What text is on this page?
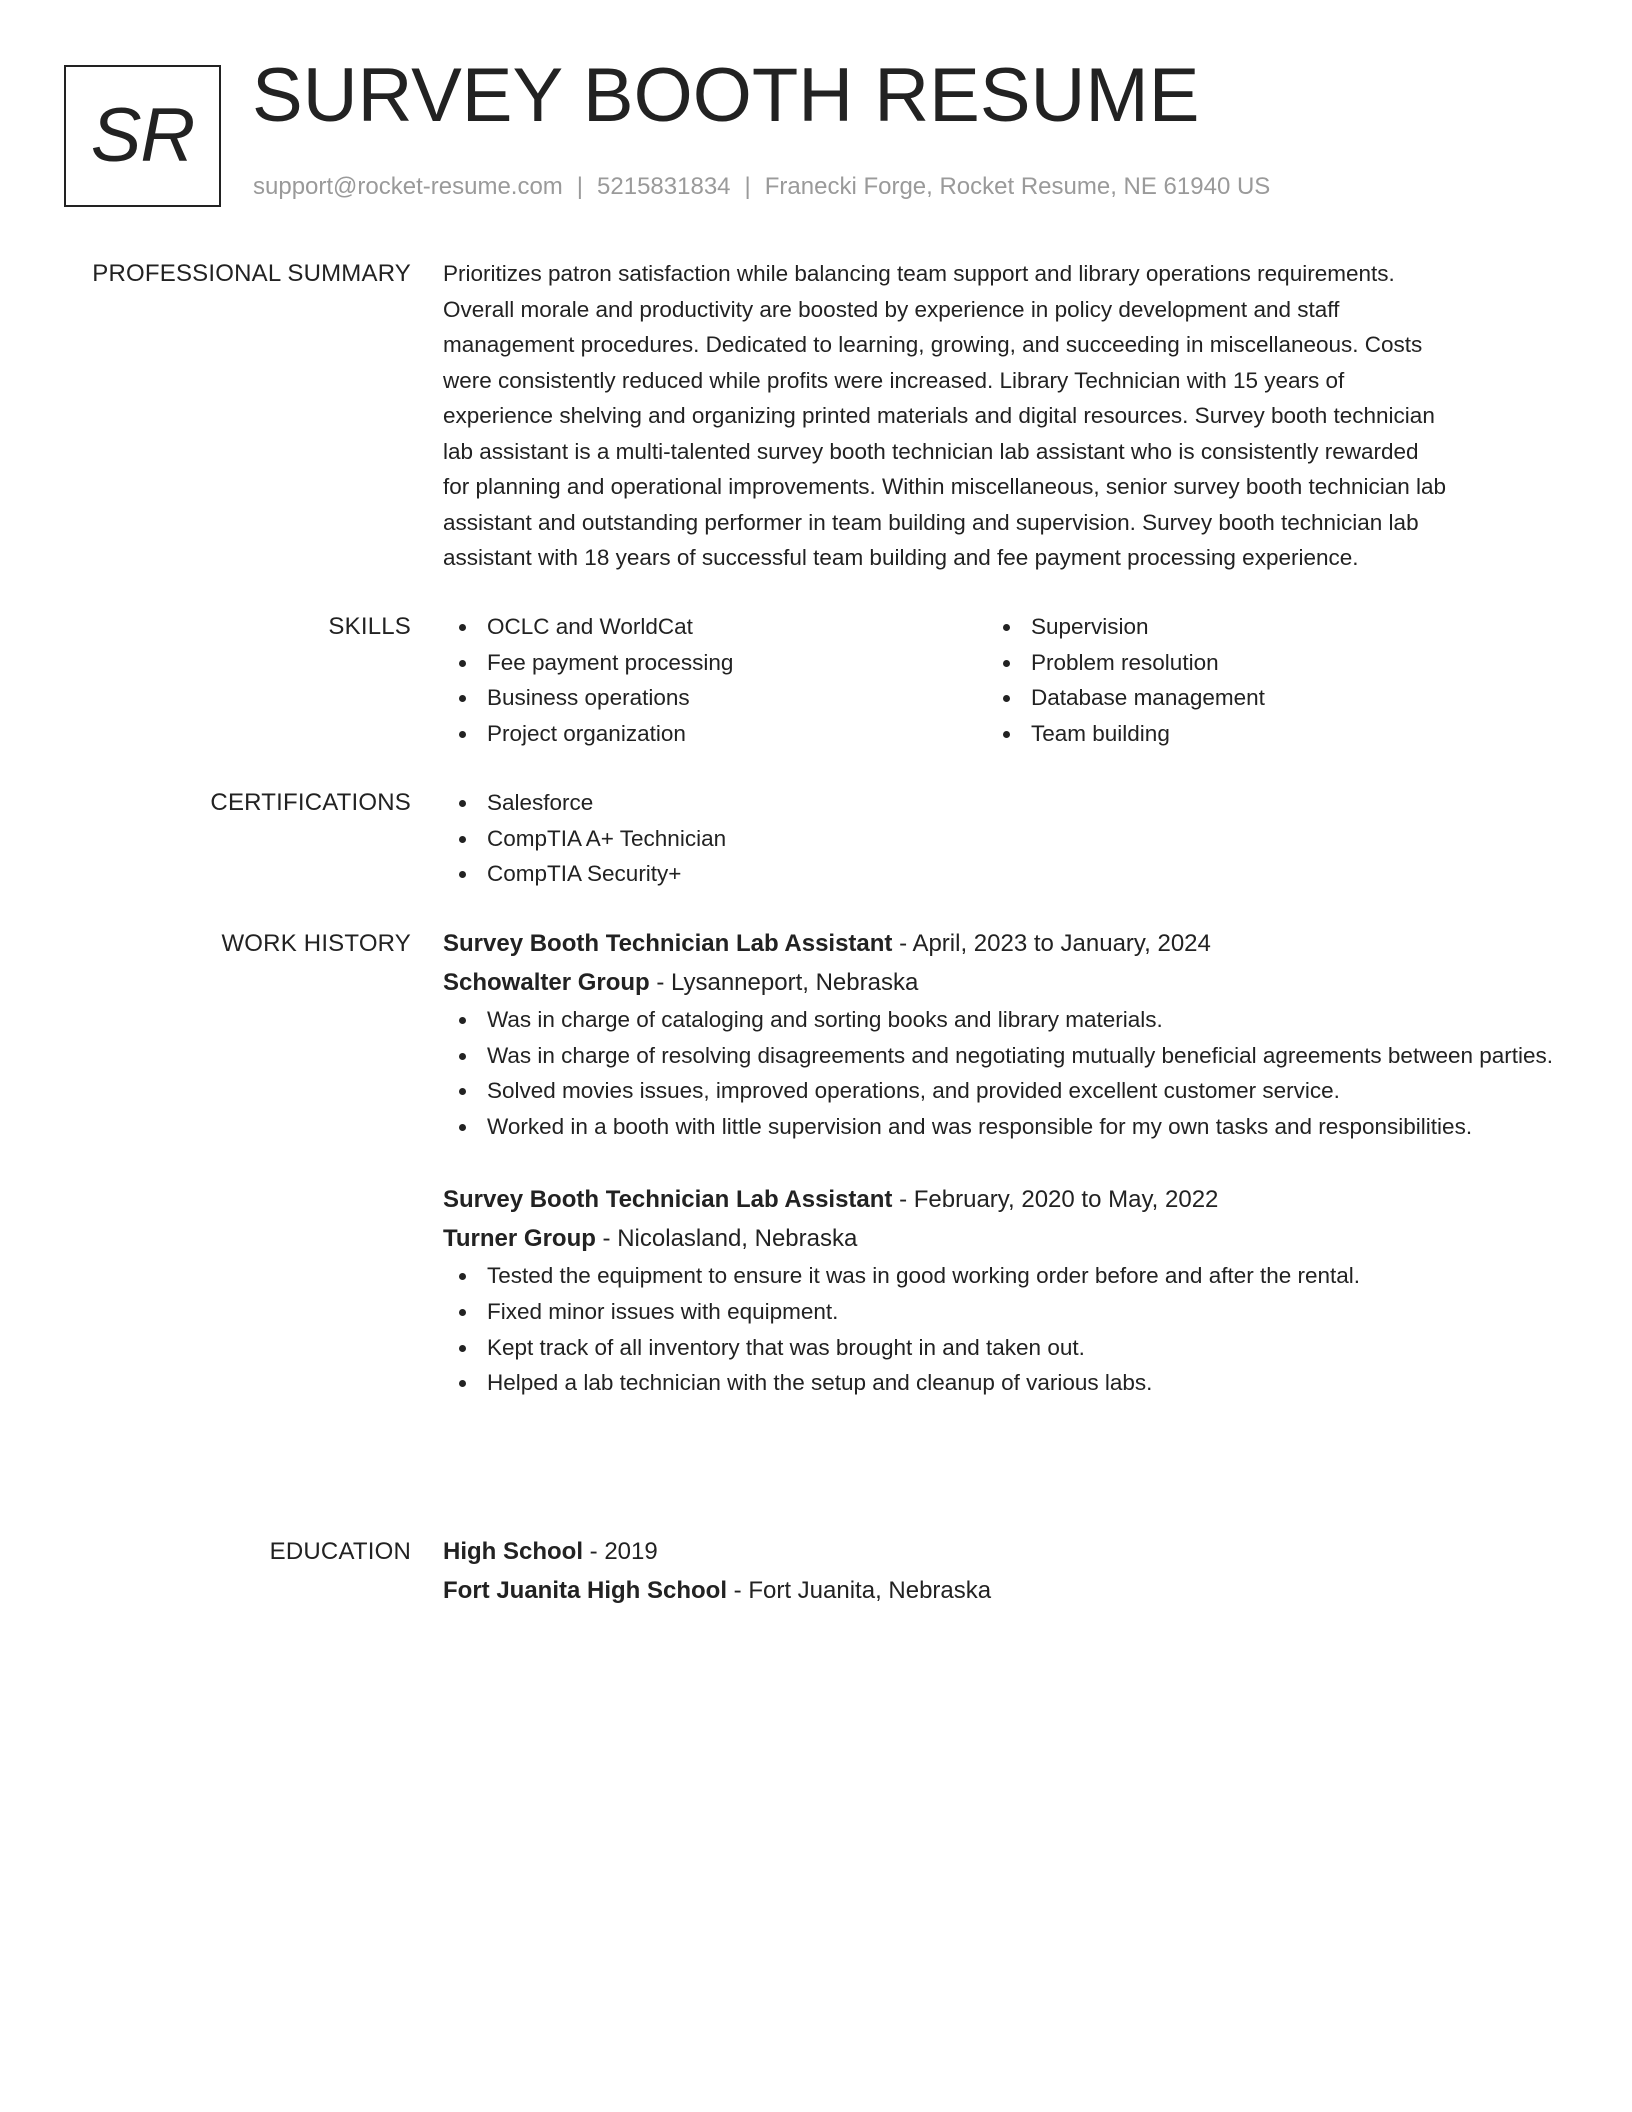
SR SURVEY BOOTH RESUME
support@rocket-resume.com | 5215831834 | Franecki Forge, Rocket Resume, NE 61940 US
PROFESSIONAL SUMMARY Prioritizes patron satisfaction while balancing team support and library operations requirements.
Overall morale and productivity are boosted by experience in policy development and staff
management procedures. Dedicated to learning, growing, and succeeding in miscellaneous. Costs
were consistently reduced while profits were increased. Library Technician with 15 years of
experience shelving and organizing printed materials and digital resources. Survey booth technician
lab assistant is a multi-talented survey booth technician lab assistant who is consistently rewarded
for planning and operational improvements. Within miscellaneous, senior survey booth technician lab
assistant and outstanding performer in team building and supervision. Survey booth technician lab
assistant with 18 years of successful team building and fee payment processing experience.
SKILLS	OCLC and WorldCat
Fee payment processing
Business operations
Project organization
Supervision
Problem resolution
Database management
Team building
CERTIFICATIONS	Salesforce
CompTIA A+ Technician
CompTIA Security+
WORK HISTORY Survey Booth Technician Lab Assistant - April, 2023 to January, 2024
Schowalter Group - Lysanneport, Nebraska
Was in charge of cataloging and sorting books and library materials.
Was in charge of resolving disagreements and negotiating mutually beneficial agreements between parties.
Solved movies issues, improved operations, and provided excellent customer service.
Worked in a booth with little supervision and was responsible for my own tasks and responsibilities.
Survey Booth Technician Lab Assistant - February, 2020 to May, 2022
Turner Group - Nicolasland, Nebraska
Tested the equipment to ensure it was in good working order before and after the rental.
Fixed minor issues with equipment.
Kept track of all inventory that was brought in and taken out.
Helped a lab technician with the setup and cleanup of various labs.
EDUCATION High School - 2019
Fort Juanita High School - Fort Juanita, Nebraska
